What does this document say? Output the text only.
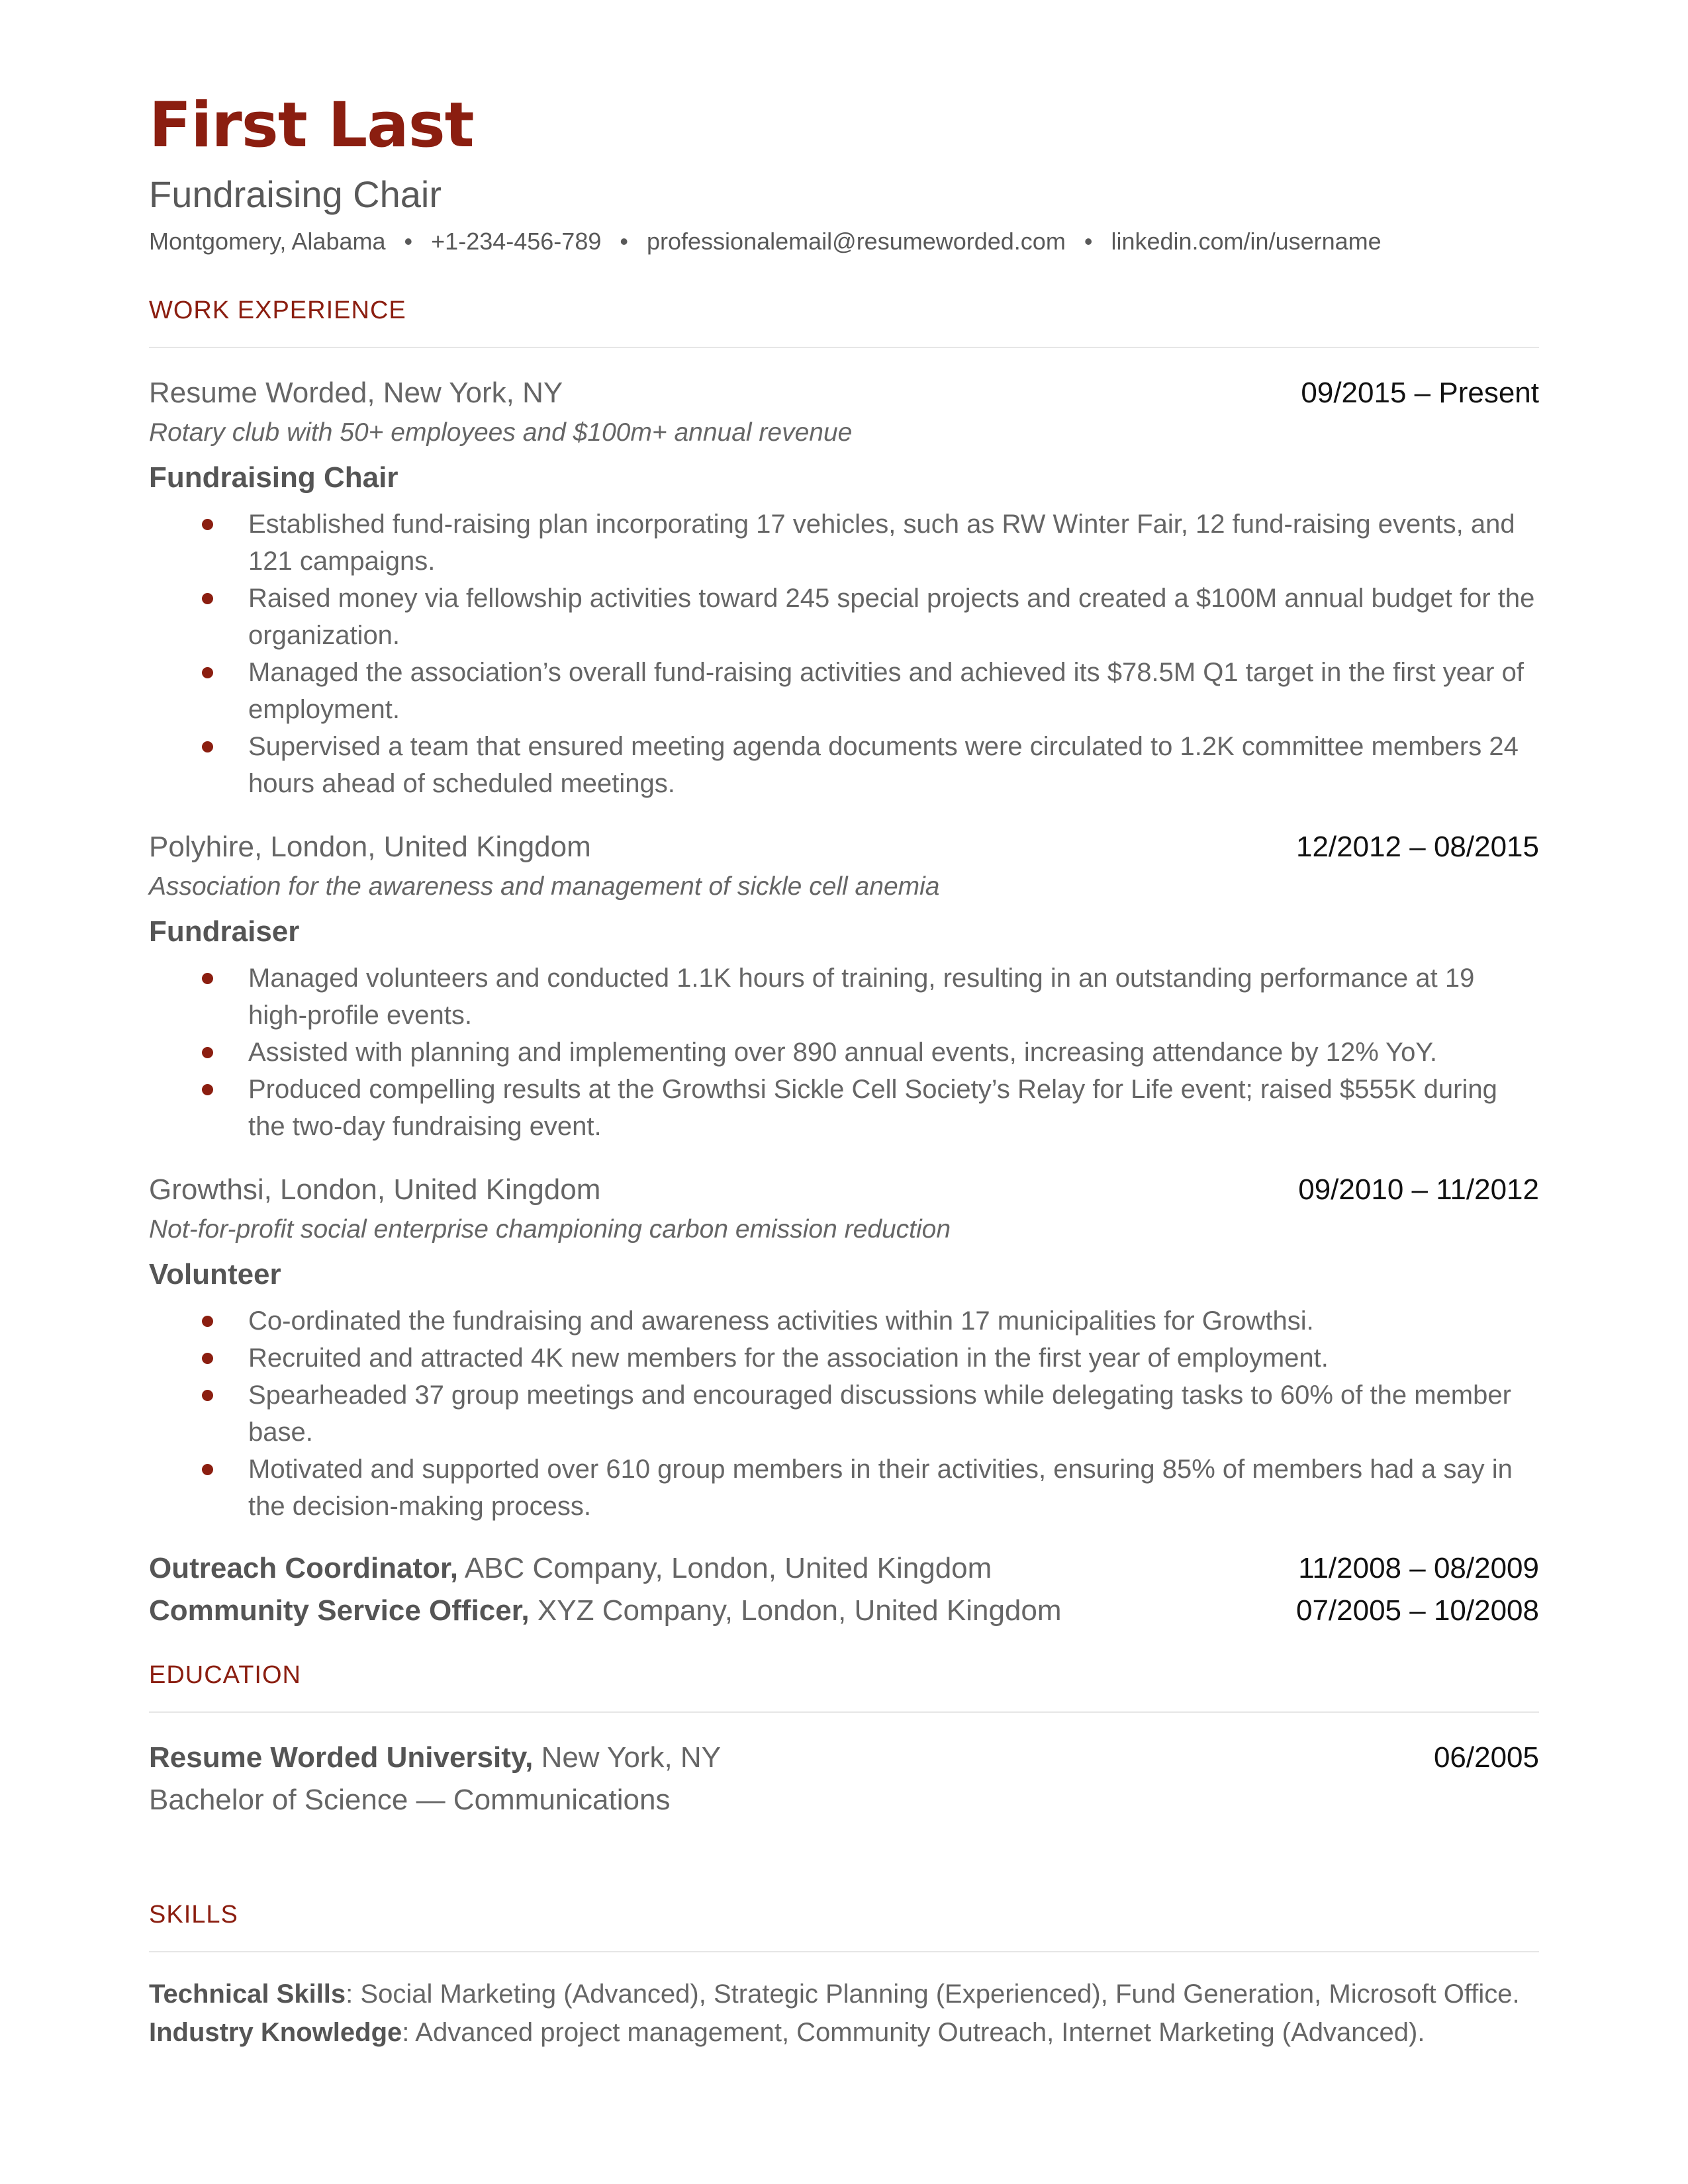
First Last
Fundraising Chair
Montgomery, Alabama • +1-234-456-789 • professionalemail@resumeworded.com • linkedin.com/in/username
WORK EXPERIENCE
Resume Worded, New York, NY	09/2015 – Present
Rotary club with 50+ employees and $100m+ annual revenue
Fundraising Chair
Established fund-raising plan incorporating 17 vehicles, such as RW Winter Fair, 12 fund-raising events, and 121 campaigns.
Raised money via fellowship activities toward 245 special projects and created a $100M annual budget for the organization.
Managed the association’s overall fund-raising activities and achieved its $78.5M Q1 target in the first year of employment.
Supervised a team that ensured meeting agenda documents were circulated to 1.2K committee members 24 hours ahead of scheduled meetings.
Polyhire, London, United Kingdom	12/2012 – 08/2015
Association for the awareness and management of sickle cell anemia
Fundraiser
Managed volunteers and conducted 1.1K hours of training, resulting in an outstanding performance at 19 high-profile events.
Assisted with planning and implementing over 890 annual events, increasing attendance by 12% YoY.
Produced compelling results at the Growthsi Sickle Cell Society’s Relay for Life event; raised $555K during the two-day fundraising event.
Growthsi, London, United Kingdom	09/2010 – 11/2012
Not-for-profit social enterprise championing carbon emission reduction
Volunteer
Co-ordinated the fundraising and awareness activities within 17 municipalities for Growthsi.
Recruited and attracted 4K new members for the association in the first year of employment.
Spearheaded 37 group meetings and encouraged discussions while delegating tasks to 60% of the member base.
Motivated and supported over 610 group members in their activities, ensuring 85% of members had a say in the decision-making process.
Outreach Coordinator, ABC Company, London, United Kingdom	11/2008 – 08/2009
Community Service Officer, XYZ Company, London, United Kingdom	07/2005 – 10/2008
EDUCATION
Resume Worded University, New York, NY	06/2005
Bachelor of Science — Communications
SKILLS
Technical Skills: Social Marketing (Advanced), Strategic Planning (Experienced), Fund Generation, Microsoft Office.
Industry Knowledge: Advanced project management, Community Outreach, Internet Marketing (Advanced).
